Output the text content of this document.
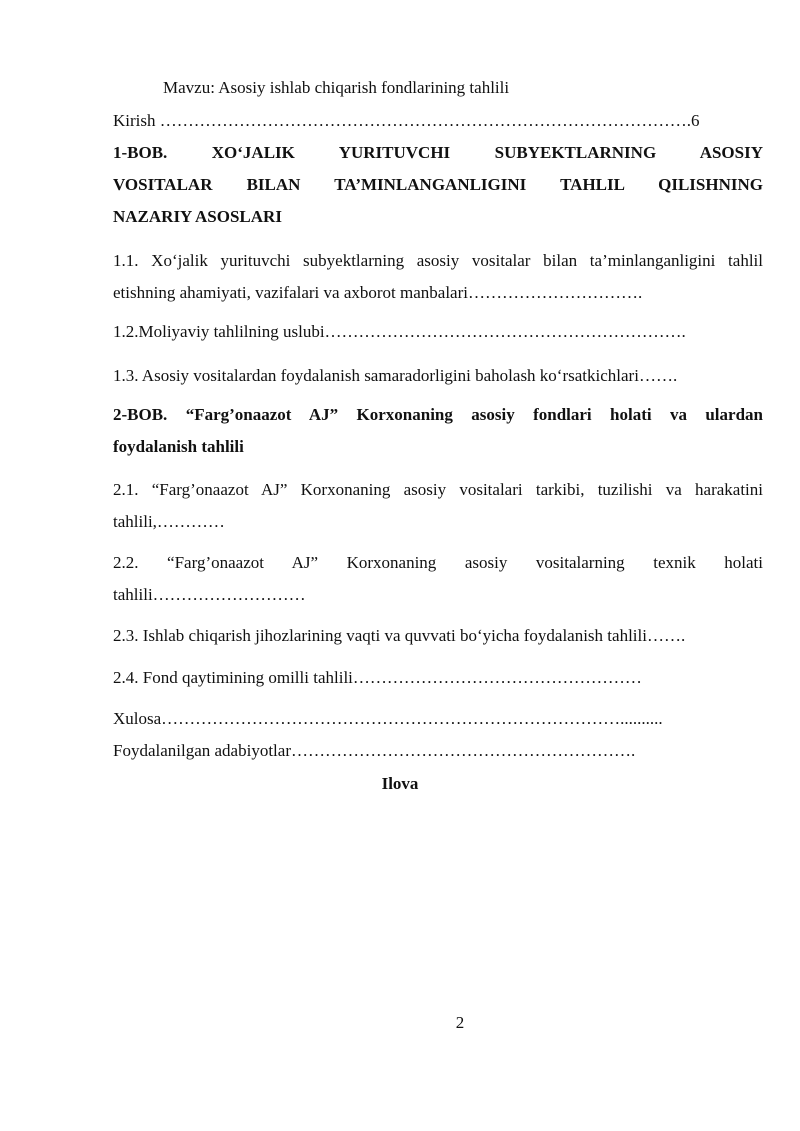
Mavzu: Asosiy ishlab chiqarish fondlarining tahlili
Kirish ………………………………………………………………………………….6
1-BOB. XOʻJALIK YURITUVCHI SUBYEKTLARNING ASOSIY
VOSITALAR BILAN TA’MINLANGANLIGINI TAHLIL QILISHNING
NAZARIY ASOSLARI
1.1. Xoʻjalik yurituvchi subyektlarning asosiy vositalar bilan ta’minlanganligini tahlil
etishning ahamiyati, vazifalari va axborot manbalari………………………….
1.2.Moliyaviy tahlilning uslubi……………………………………………………….
1.3. Asosiy vositalardan foydalanish samaradorligini baholash koʻrsatkichlari…….
2-BOB. “Farg’onaazot AJ” Korxonaning asosiy fondlari holati va ulardan
foydalanish tahlili
2.1. “Farg’onaazot AJ” Korxonaning asosiy vositalari tarkibi, tuzilishi va harakatini
tahlili,…………
2.2. “Farg’onaazot AJ” Korxonaning asosiy vositalarning texnik holati
tahlili………………………
2.3. Ishlab chiqarish jihozlarining vaqti va quvvati boʻyicha foydalanish tahlili…….
2.4. Fond qaytimining omilli tahlili……………………………………………
Xulosa………………………………………………………………………..........
Foydalanilgan adabiyotlar…………………………………………………….
Ilova
2
